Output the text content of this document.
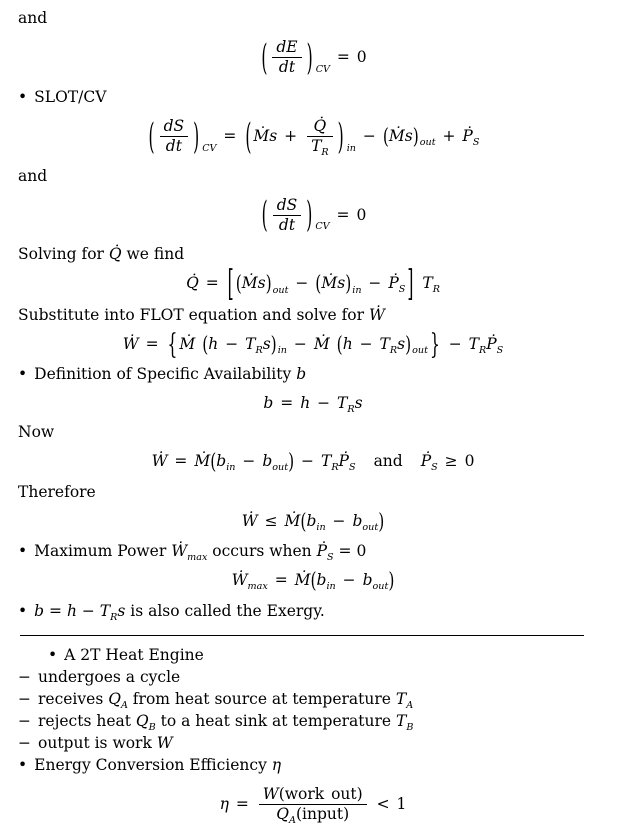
and
( $\frac{dE}{dt}$ ) $_{CV}$ = 0
• SLOT/CV
( $\frac{dS}{dt}$ ) $_{CV}$ = ( Ṁs + $\frac{Q̇}{T_R}$ ) $_{in} - (Ṁs)_{out}$ + Ṗ$_S$
and
( $\frac{dS}{dt}$ ) $_{CV}$ = 0
Solving for Q̇ we find
Q̇ = [ $(Ṁs)_{out}$ − $(Ṁs)_{in}$ − Ṗ$_S$ ] $T_R$
Substitute into FLOT equation and solve for Ẇ
Ẇ = { Ṁ $(h - T_Rs)_{in}$ − Ṁ $(h - T_Rs)_{out}$ } − $T_RṖ_S$
• Definition of Specific Availability b
$b = h - T_Rs$
Now
Ẇ = $Ṁ(b_{in} - b_{out})$ − $T_RṖ_S$ and Ṗ$_S$ ≥ 0
Therefore
Ẇ ≤ $Ṁ(b_{in} - b_{out})$
• Maximum Power Ẇ$_{max}$ occurs when Ṗ$_S$ = 0
Ẇ$_{max}$ = $Ṁ(b_{in} - b_{out})$
• $b = h - T_Rs$ is also called the Exergy.
• A 2T Heat Engine
− undergoes a cycle
− receives $Q_A$ from heat source at temperature $T_A$
− rejects heat $Q_B$ to a heat sink at temperature $T_B$
− output is work W
• Energy Conversion Efficiency η
$\eta = \frac{\text{W(work out)}}{Q_A(input)} < 1$
